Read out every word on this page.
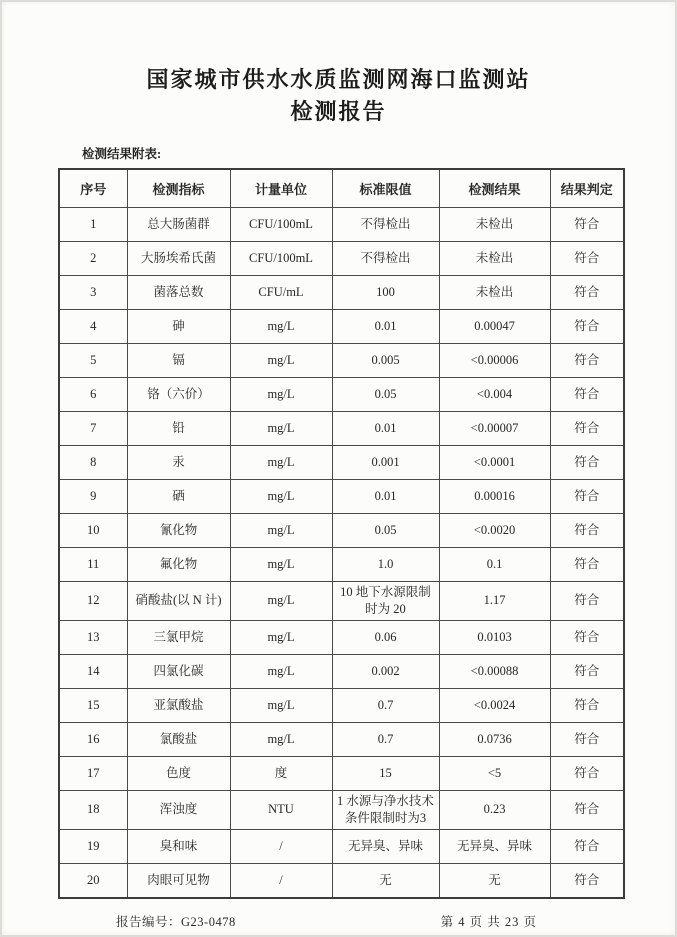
国家城市供水水质监测网海口监测站
检测报告
检测结果附表:
序号	检测指标	计量单位	标准限值	检测结果	结果判定
1	总大肠菌群	CFU/100mL	不得检出	未检出	符合
2	大肠埃希氏菌	CFU/100mL	不得检出	未检出	符合
3	菌落总数	CFU/mL	100	未检出	符合
4	砷	mg/L	0.01	0.00047	符合
5	镉	mg/L	0.005	<0.00006	符合
6	铬（六价）	mg/L	0.05	<0.004	符合
7	铅	mg/L	0.01	<0.00007	符合
8	汞	mg/L	0.001	<0.0001	符合
9	硒	mg/L	0.01	0.00016	符合
10	氰化物	mg/L	0.05	<0.0020	符合
11	氟化物	mg/L	1.0	0.1	符合
12	硝酸盐(以 N 计)	mg/L	10 地下水源限制时为 20	1.17	符合
13	三氯甲烷	mg/L	0.06	0.0103	符合
14	四氯化碳	mg/L	0.002	<0.00088	符合
15	亚氯酸盐	mg/L	0.7	<0.0024	符合
16	氯酸盐	mg/L	0.7	0.0736	符合
17	色度	度	15	<5	符合
18	浑浊度	NTU	1 水源与净水技术条件限制时为3	0.23	符合
19	臭和味	/	无异臭、异味	无异臭、异味	符合
20	肉眼可见物	/	无	无	符合
报告编号：G23-0478	第 4 页 共 23 页
